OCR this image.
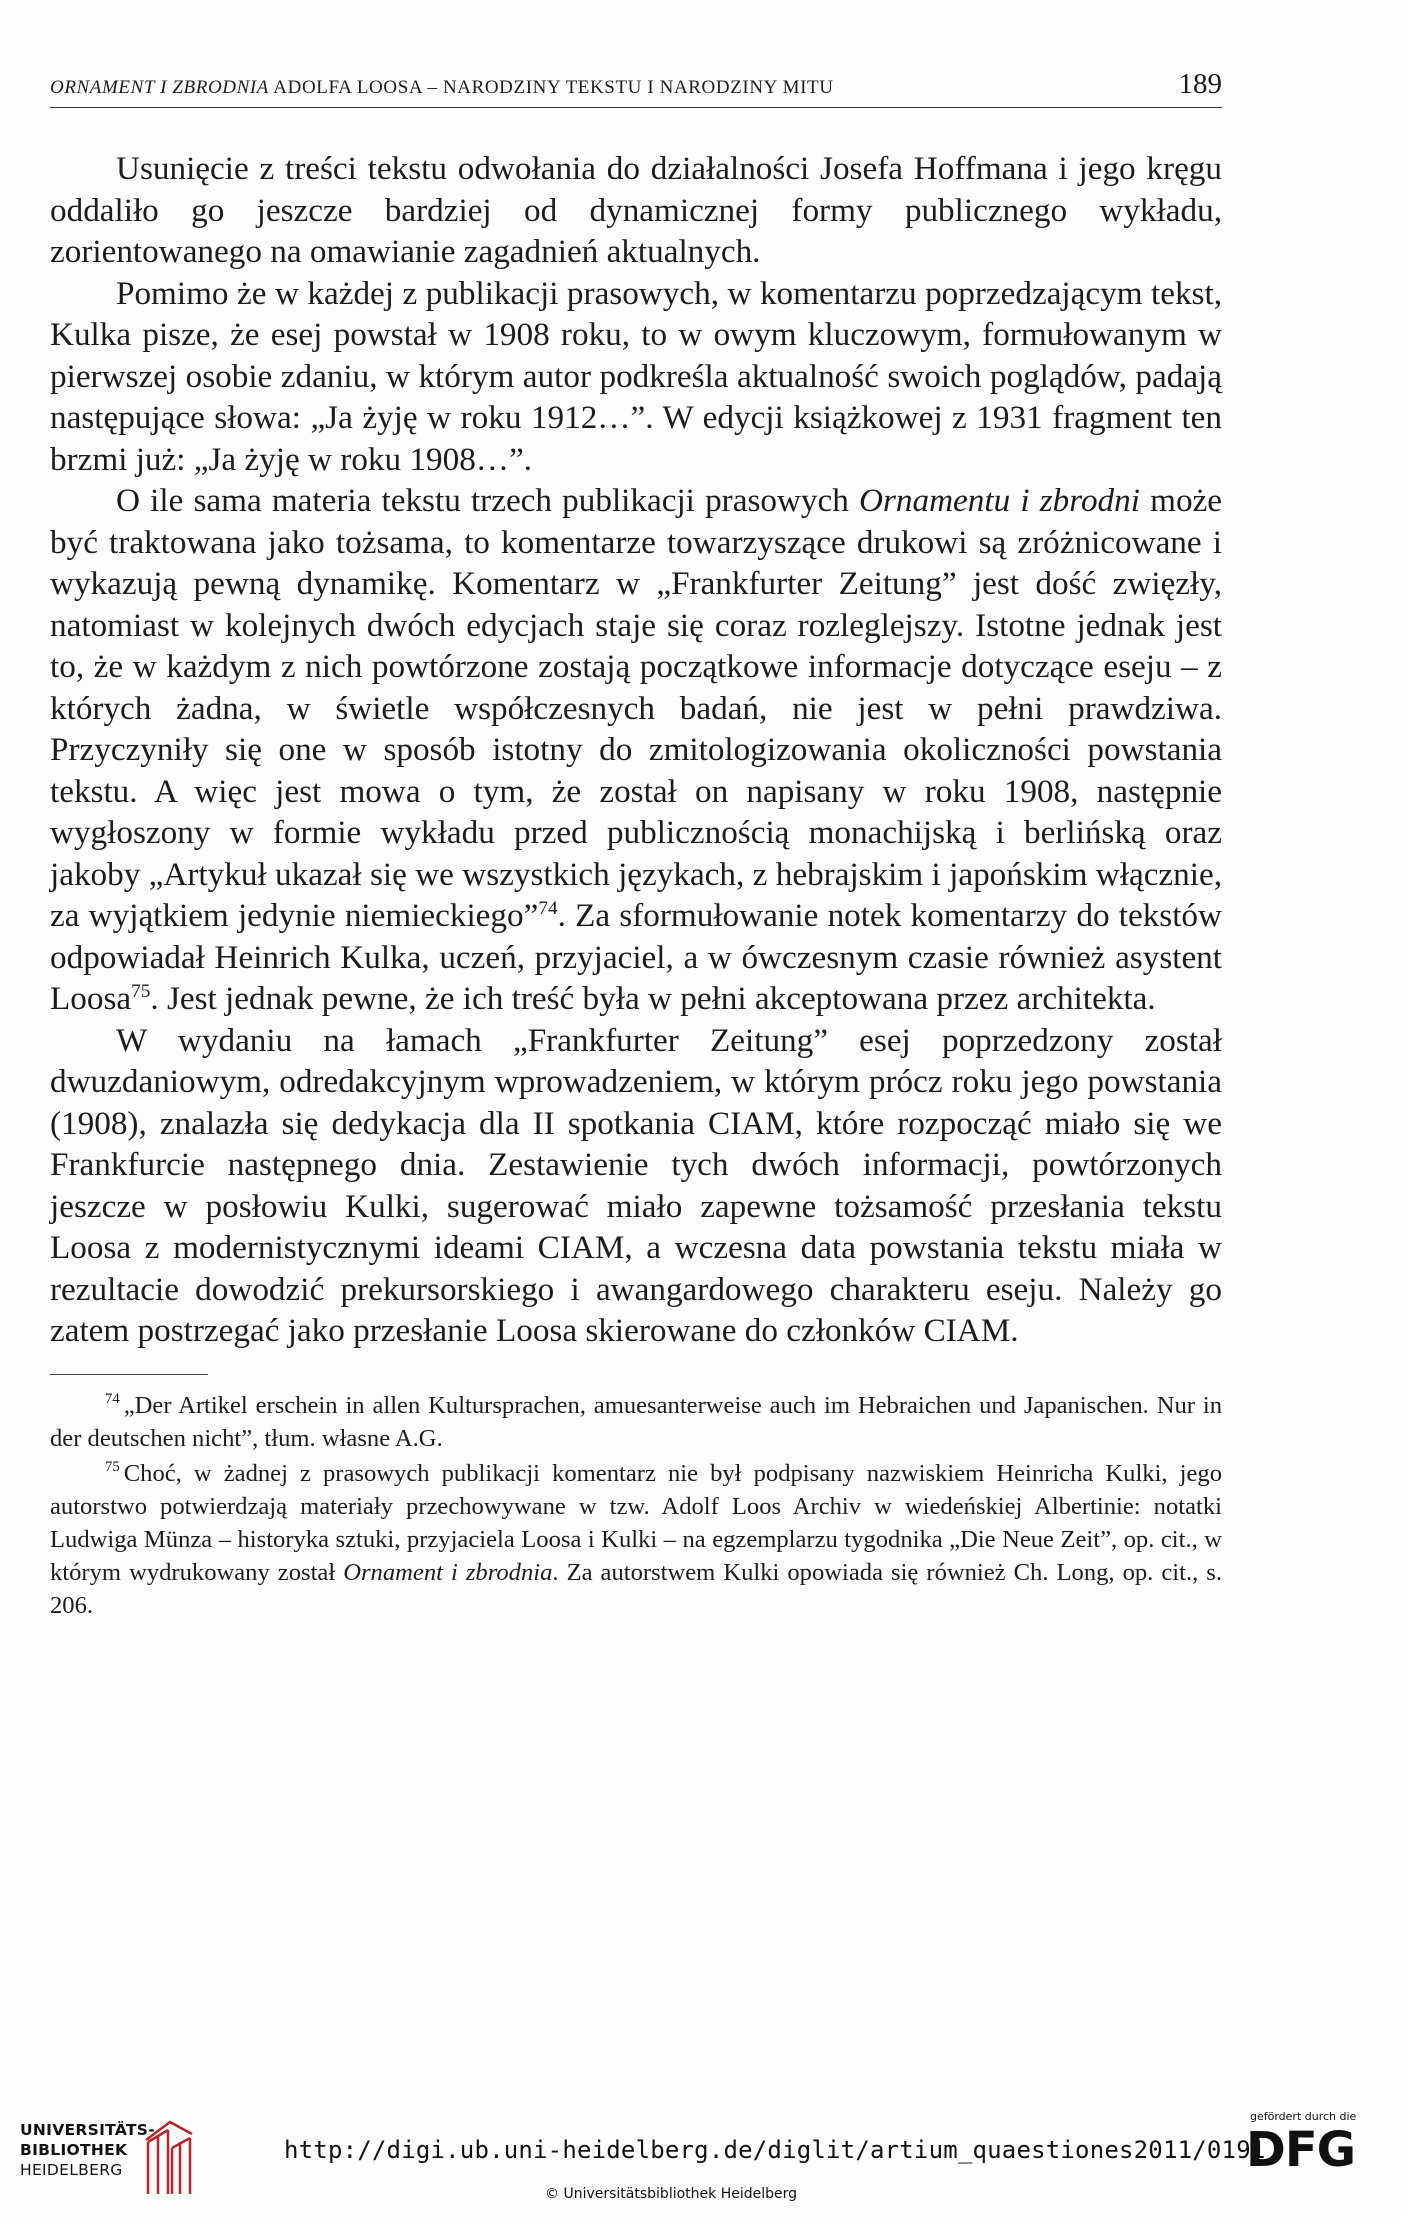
ORNAMENT I ZBRODNIA ADOLFA LOOSA – NARODZINY TEKSTU I NARODZINY MITU	189

Usunięcie z treści tekstu odwołania do działalności Josefa Hoffmana i jego kręgu oddaliło go jeszcze bardziej od dynamicznej formy publicznego wykładu, zorientowanego na omawianie zagadnień aktualnych.

Pomimo że w każdej z publikacji prasowych, w komentarzu poprzedzającym tekst, Kulka pisze, że esej powstał w 1908 roku, to w owym kluczowym, formułowanym w pierwszej osobie zdaniu, w którym autor podkreśla aktualność swoich poglądów, padają następujące słowa: „Ja żyję w roku 1912…”. W edycji książkowej z 1931 fragment ten brzmi już: „Ja żyję w roku 1908…”.

O ile sama materia tekstu trzech publikacji prasowych Ornamentu i zbrodni może być traktowana jako tożsama, to komentarze towarzyszące drukowi są zróżnicowane i wykazują pewną dynamikę. Komentarz w „Frankfurter Zeitung” jest dość zwięzły, natomiast w kolejnych dwóch edycjach staje się coraz rozleglejszy. Istotne jednak jest to, że w każdym z nich powtórzone zostają początkowe informacje dotyczące eseju – z których żadna, w świetle współczesnych badań, nie jest w pełni prawdziwa. Przyczyniły się one w sposób istotny do zmitologizowania okoliczności powstania tekstu. A więc jest mowa o tym, że został on napisany w roku 1908, następnie wygłoszony w formie wykładu przed publicznością monachijską i berlińską oraz jakoby „Artykuł ukazał się we wszystkich językach, z hebrajskim i japońskim włącznie, za wyjątkiem jedynie niemieckiego”$^{74}$. Za sformułowanie notek komentarzy do tekstów odpowiadał Heinrich Kulka, uczeń, przyjaciel, a w ówczesnym czasie również asystent Loosa$^{75}$. Jest jednak pewne, że ich treść była w pełni akceptowana przez architekta.

W wydaniu na łamach „Frankfurter Zeitung” esej poprzedzony został dwuzdaniowym, odredakcyjnym wprowadzeniem, w którym prócz roku jego powstania (1908), znalazła się dedykacja dla II spotkania CIAM, które rozpocząć miało się we Frankfurcie następnego dnia. Zestawienie tych dwóch informacji, powtórzonych jeszcze w posłowiu Kulki, sugerować miało zapewne tożsamość przesłania tekstu Loosa z modernistycznymi ideami CIAM, a wczesna data powstania tekstu miała w rezultacie dowodzić prekursorskiego i awangardowego charakteru eseju. Należy go zatem postrzegać jako przesłanie Loosa skierowane do członków CIAM.

$^{74}$ „Der Artikel erschein in allen Kultursprachen, amuesanterweise auch im Hebraichen und Japanischen. Nur in der deutschen nicht”, tłum. własne A.G.

$^{75}$ Choć, w żadnej z prasowych publikacji komentarz nie był podpisany nazwiskiem Heinricha Kulki, jego autorstwo potwierdzają materiały przechowywane w tzw. Adolf Loos Archiv w wiedeńskiej Albertinie: notatki Ludwiga Münza – historyka sztuki, przyjaciela Loosa i Kulki – na egzemplarzu tygodnika „Die Neue Zeit”, op. cit., w którym wydrukowany został Ornament i zbrodnia. Za autorstwem Kulki opowiada się również Ch. Long, op. cit., s. 206.

UNIVERSITÄTS-
BIBLIOTHEK
HEIDELBERG
http://digi.ub.uni-heidelberg.de/diglit/artium_quaestiones2011/0191
© Universitätsbibliothek Heidelberg
gefördert durch die
DFG
